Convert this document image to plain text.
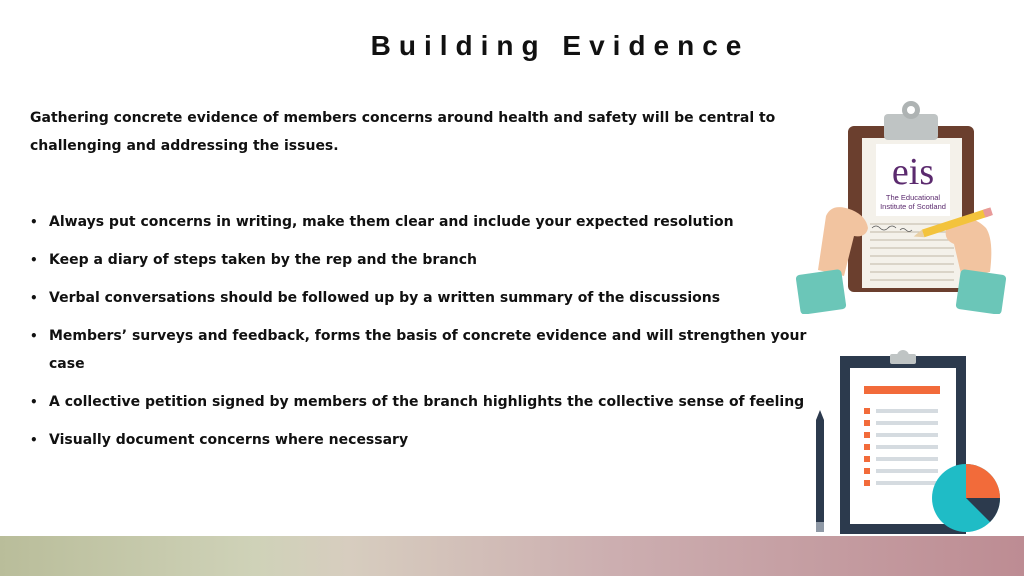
Building Evidence

Gathering concrete evidence of members concerns around health and safety will be central to challenging and addressing the issues.

• Always put concerns in writing, make them clear and include your expected resolution
• Keep a diary of steps taken by the rep and the branch
• Verbal conversations should be followed up by a written summary of the discussions
• Members’ surveys and feedback, forms the basis of concrete evidence and will strengthen your case
• A collective petition signed by members of the branch highlights the collective sense of feeling
• Visually document concerns where necessary
eis
The Educational
Institute of Scotland
